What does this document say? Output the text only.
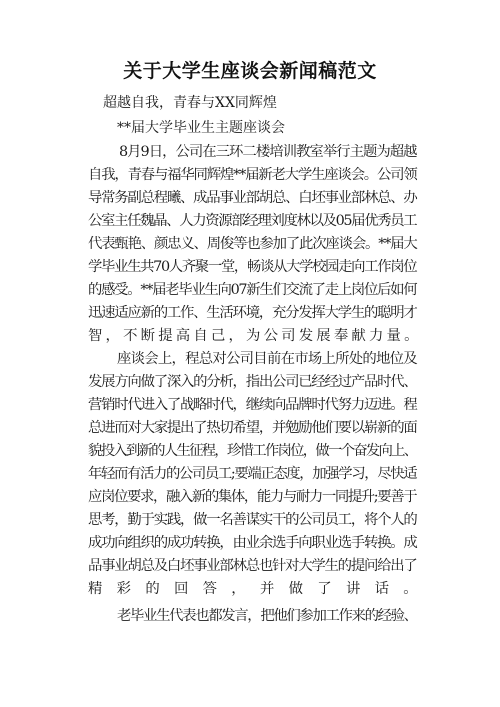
关于大学生座谈会新闻稿范文
超越自我，青春与XX同辉煌
**届大学毕业生主题座谈会
8月9日，公司在三环二楼培训教室举行主题为超越
自我，青春与福华同辉煌**届新老大学生座谈会。公司领
导常务副总程曦、成品事业部胡总、白坯事业部林总、办
公室主任魏晶、人力资源部经理刘度林以及05届优秀员工
代表甄艳、颜忠义、周俊等也参加了此次座谈会。**届大
学毕业生共70人齐聚一堂，畅谈从大学校园走向工作岗位
的感受。**届老毕业生向07新生们交流了走上岗位后如何
迅速适应新的工作、生活环境，充分发挥大学生的聪明才
智，不断提高自己，为公司发展奉献力量。
座谈会上，程总对公司目前在市场上所处的地位及
发展方向做了深入的分析，指出公司已经经过产品时代、
营销时代进入了战略时代，继续向品牌时代努力迈进。程
总进而对大家提出了热切希望，并勉励他们要以崭新的面
貌投入到新的人生征程，珍惜工作岗位，做一个奋发向上、
年轻而有活力的公司员工;要端正态度，加强学习，尽快适
应岗位要求，融入新的集体，能力与耐力一同提升;要善于
思考，勤于实践，做一名善谋实干的公司员工，将个人的
成功向组织的成功转换，由业余选手向职业选手转换。成
品事业胡总及白坯事业部林总也针对大学生的提问给出了
精彩的回答，并做了讲话。
老毕业生代表也都发言，把他们参加工作来的经验、
